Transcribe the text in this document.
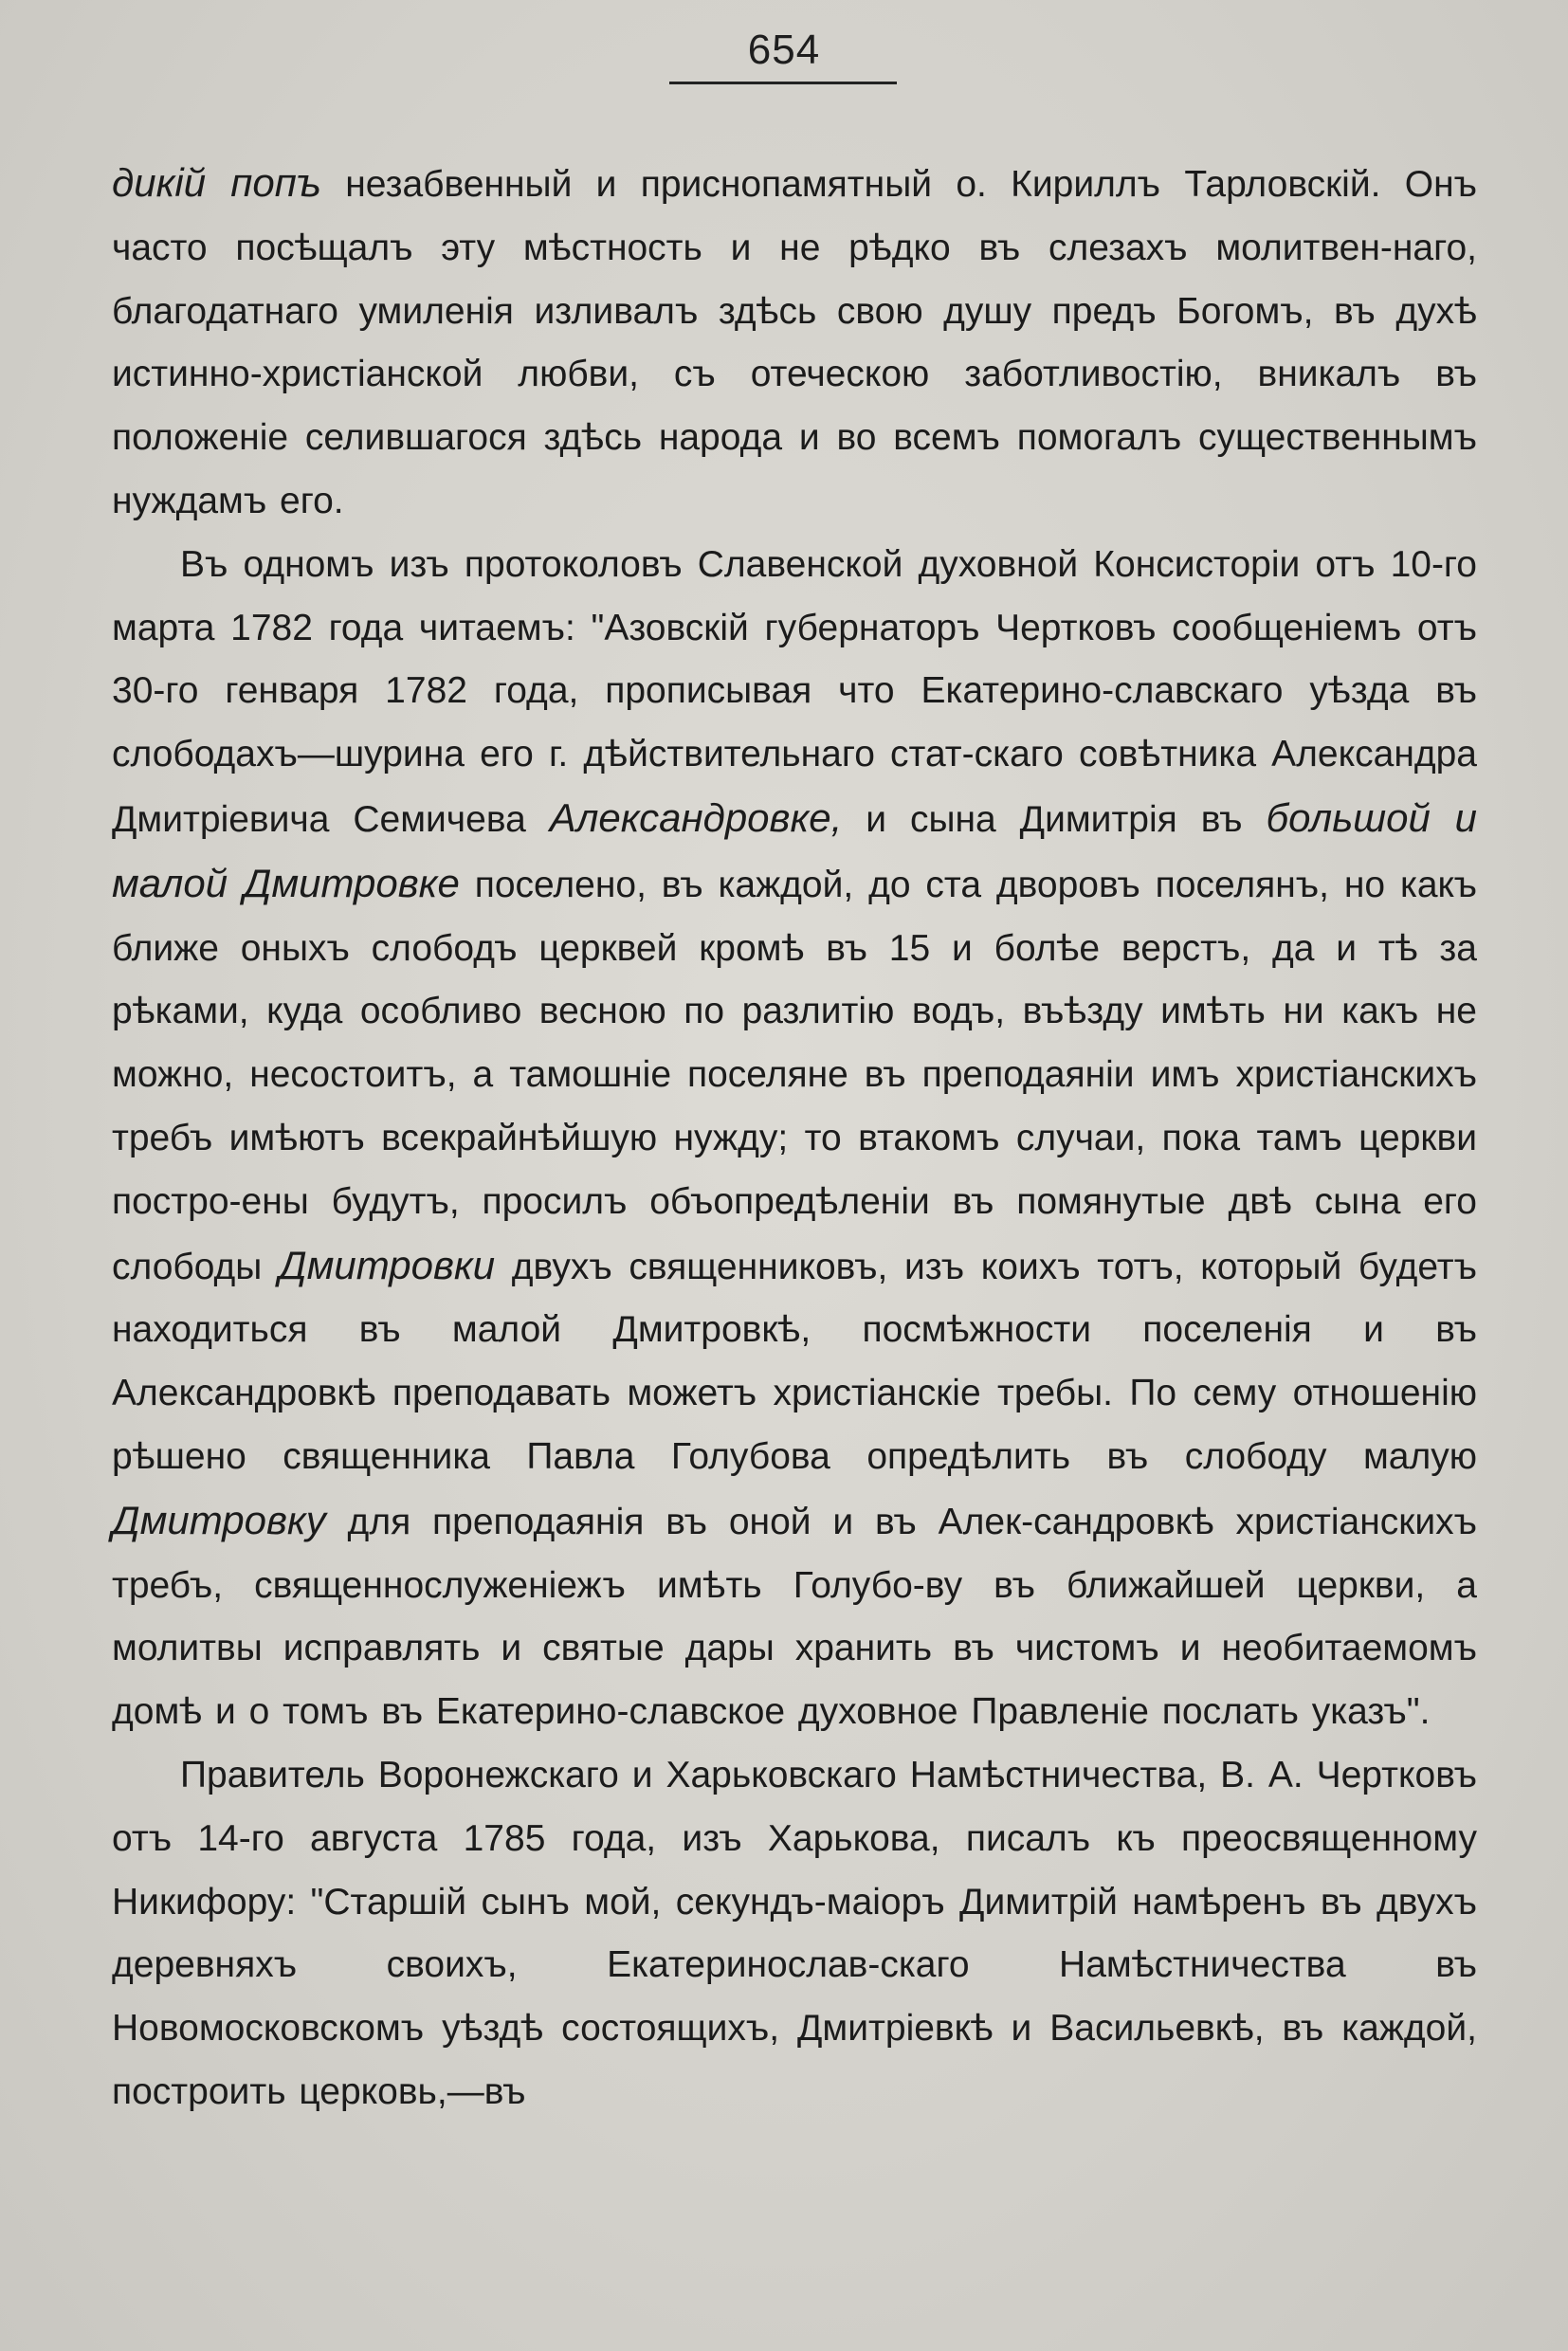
654

дикій попъ незабвенный и приснопамятный о. Кириллъ Тарловскій. Онъ часто посѣщалъ эту мѣстность и не рѣдко въ слезахъ молитвен-наго, благодатнаго умиленія изливалъ здѣсь свою душу предъ Богомъ, въ духѣ истинно-христіанской любви, съ отеческою заботливостію, вникалъ въ положеніе селившагося здѣсь народа и во всемъ помогалъ существеннымъ нуждамъ его.

Въ одномъ изъ протоколовъ Славенской духовной Консисторіи отъ 10-го марта 1782 года читаемъ: "Азовскій губернаторъ Чертковъ сообщеніемъ отъ 30-го генваря 1782 года, прописывая что Екатерино-славскаго уѣзда въ слободахъ—шурина его г. дѣйствительнаго стат-скаго совѣтника Александра Дмитріевича Семичева Александровке, и сына Димитрія въ большой и малой Дмитровке поселено, въ каждой, до ста дворовъ поселянъ, но какъ ближе оныхъ слободъ церквей кромѣ въ 15 и болѣе верстъ, да и тѣ за рѣками, куда особливо весною по разлитію водъ, въѣзду имѣть ни какъ не можно, несостоитъ, а тамошніе поселяне въ преподаяніи имъ христіанскихъ требъ имѣютъ всекрайнѣйшую нужду; то втакомъ случаи, пока тамъ церкви постро-ены будутъ, просилъ объопредѣленіи въ помянутые двѣ сына его слободы Дмитровки двухъ священниковъ, изъ коихъ тотъ, который будетъ находиться въ малой Дмитровкѣ, посмѣжности поселенія и въ Александровкѣ преподавать можетъ христіанскіе требы. По сему отношенію рѣшено священника Павла Голубова опредѣлить въ слободу малую Дмитровку для преподаянія въ оной и въ Алек-сандровкѣ христіанскихъ требъ, священнослуженіежъ имѣть Голубо-ву въ ближайшей церкви, а молитвы исправлять и святые дары хранить въ чистомъ и необитаемомъ домѣ и о томъ въ Екатерино-славское духовное Правленіе послать указъ".

Правитель Воронежскаго и Харьковскаго Намѣстничества, В. А. Чертковъ отъ 14-го августа 1785 года, изъ Харькова, писалъ къ преосвященному Никифору: "Старшій сынъ мой, секундъ-маіоръ Димитрій намѣренъ въ двухъ деревняхъ своихъ, Екатеринослав-скаго Намѣстничества въ Новомосковскомъ уѣздѣ состоящихъ, Дмитріевкѣ и Васильевкѣ, въ каждой, построить церковь,—въ
